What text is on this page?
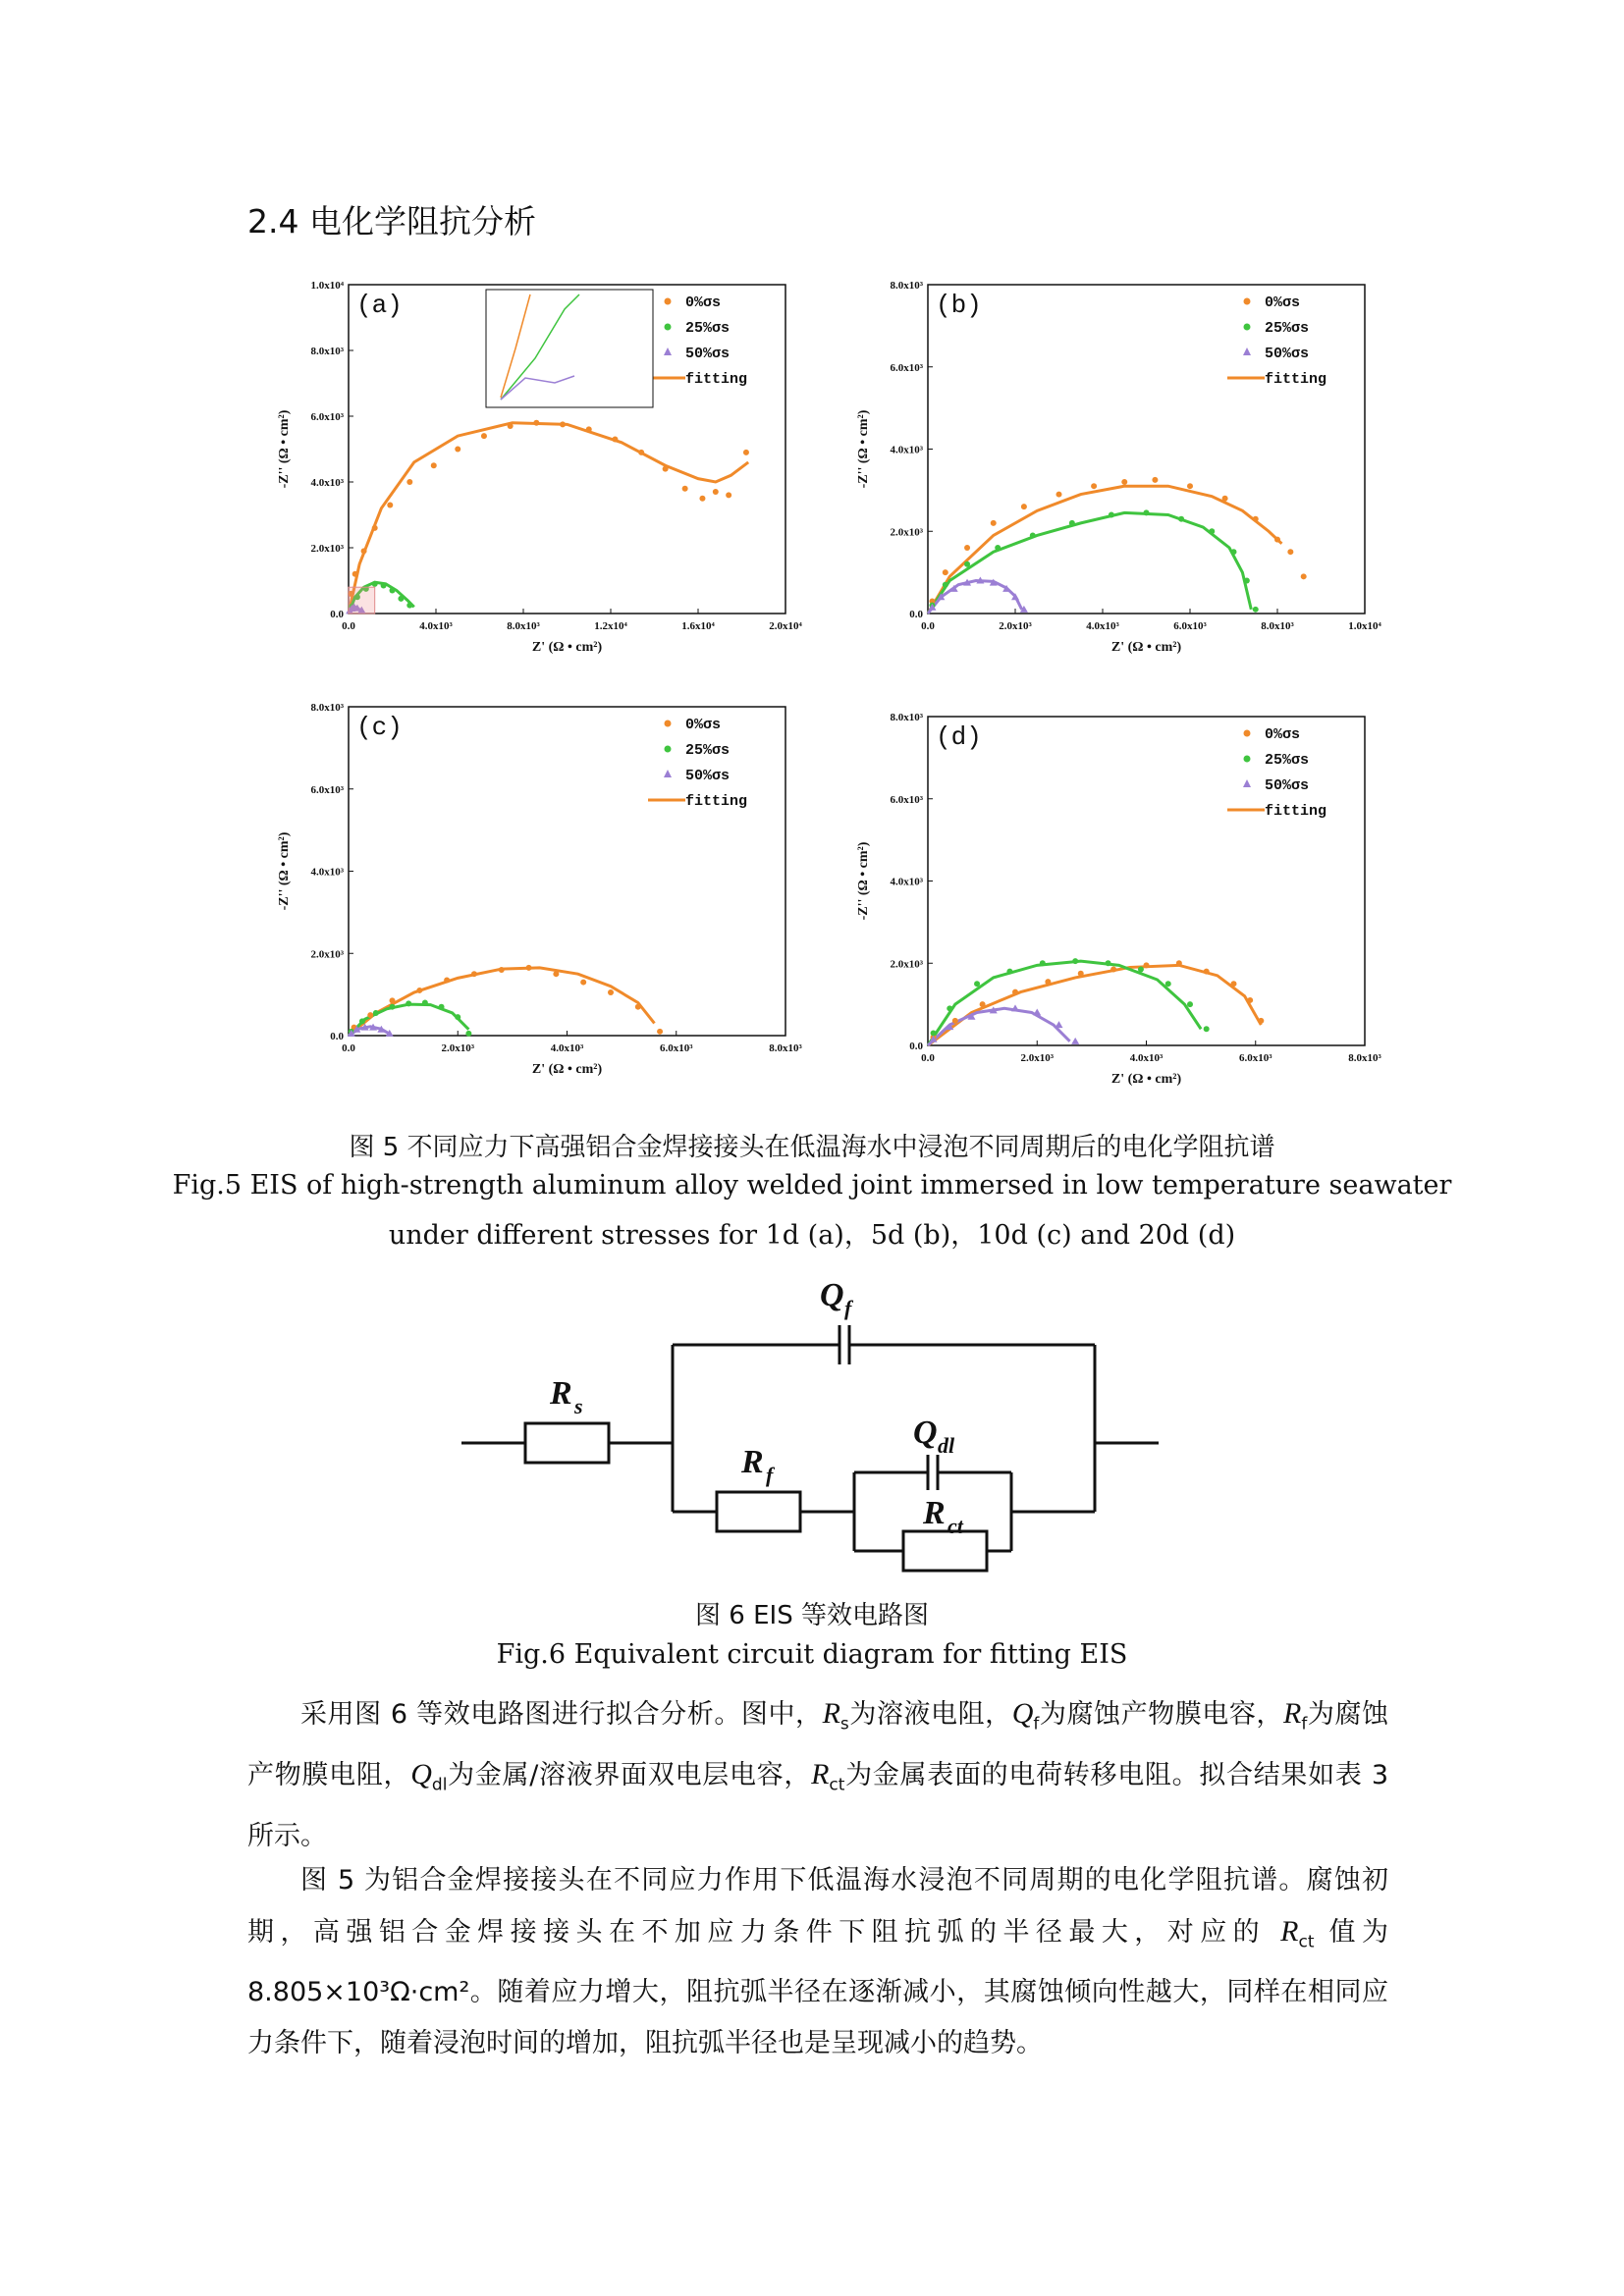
2.4 电化学阻抗分析
0.0	4.0x10³	8.0x10³	1.2x10⁴	1.6x10⁴	2.0x10⁴
0.0
2.0x10³
4.0x10³
6.0x10³
8.0x10³
1.0x10⁴
Z' (Ω • cm²)
-Z'' (Ω • cm²)
(a)	0%σs
25%σs
50%σs
fitting
0.0	2.0x10³	4.0x10³	6.0x10³	8.0x10³	1.0x10⁴
0.0
2.0x10³
4.0x10³
6.0x10³
8.0x10³
Z' (Ω • cm²)
-Z'' (Ω • cm²)
(b)	0%σs
25%σs
50%σs
fitting
0.0	2.0x10³	4.0x10³	6.0x10³	8.0x10³
0.0
2.0x10³
4.0x10³
6.0x10³
8.0x10³
Z' (Ω • cm²)
-Z'' (Ω • cm²)
(c)	0%σs
25%σs
50%σs
fitting
0.0	2.0x10³	4.0x10³	6.0x10³	8.0x10³
0.0
2.0x10³
4.0x10³
6.0x10³
8.0x10³
Z' (Ω • cm²)
-Z'' (Ω • cm²)
(d)	0%σs
25%σs
50%σs
fitting
图 5 不同应力下高强铝合金焊接接头在低温海水中浸泡不同周期后的电化学阻抗谱
Fig.5 EIS of high-strength aluminum alloy welded joint immersed in low temperature seawater
under different stresses for 1d (a)，5d (b)，10d (c) and 20d (d)
Q f
R s
R f
Q dl
R ct
图 6 EIS 等效电路图
Fig.6 Equivalent circuit diagram for fitting EIS
采用图 6 等效电路图进行拟合分析。图中，$R_s$为溶液电阻，$Q_f$为腐蚀产物膜电容，$R_f$为腐蚀产物膜电阻，$Q_{dl}$为金属/溶液界面双电层电容，$R_{ct}$为金属表面的电荷转移电阻。拟合结果如表 3 所示。
图 5 为铝合金焊接接头在不同应力作用下低温海水浸泡不同周期的电化学阻抗谱。腐蚀初期，高强铝合金焊接接头在不加应力条件下阻抗弧的半径最大，对应的 $R_{ct}$ 值为 8.805×10³Ω·cm²。随着应力增大，阻抗弧半径在逐渐减小，其腐蚀倾向性越大，同样在相同应力条件下，随着浸泡时间的增加，阻抗弧半径也是呈现减小的趋势。
